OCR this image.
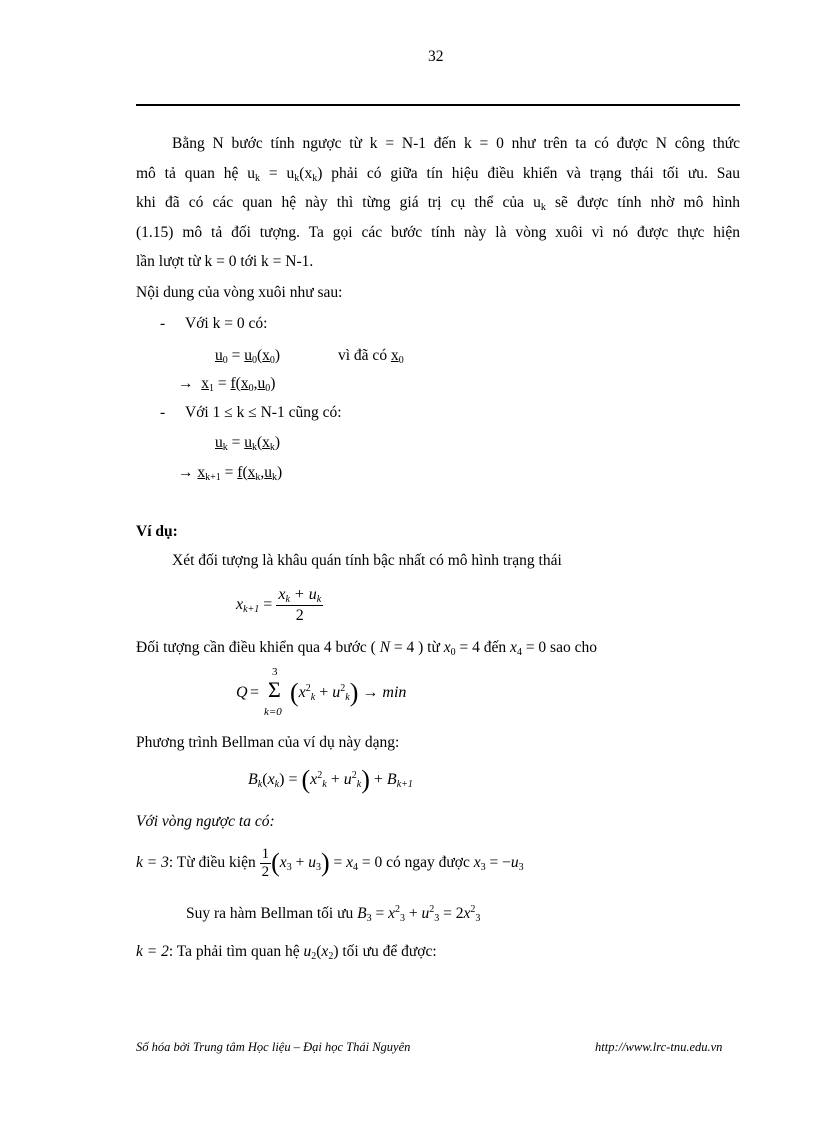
32
Bằng N bước tính ngược từ k = N-1 đến k = 0 như trên ta có được N công thức
mô tả quan hệ $u_k = u_k(x_k)$ phải có giữa tín hiệu điều khiển và trạng thái tối ưu. Sau
khi đã có các quan hệ này thì từng giá trị cụ thể của $u_k$ sẽ được tính nhờ mô hình
(1.15) mô tả đối tượng. Ta gọi các bước tính này là vòng xuôi vì nó được thực hiện
lần lượt từ k = 0 tới k = N-1.
Nội dung của vòng xuôi như sau:
- Với k = 0 có:
$u_0 = u_0(x_0)$	vì đã có $x_0$
→ $x_1 = f(x_0,u_0)$
- Với 1 ≤ k ≤ N-1 cũng có:
$u_k = u_k(x_k)$
→ $x_{k+1} = f(x_k,u_k)$
Ví dụ:
Xét đối tượng là khâu quán tính bậc nhất có mô hình trạng thái
$x_{k+1} = \frac{x_k + u_k}{2}$
Đối tượng cần điều khiển qua 4 bước ( N = 4 ) từ $x_0 = 4$ đến $x_4 = 0$ sao cho
Q =
3
Σ
k=0
$(x^2_k + u^2_k) \to \min$
Phương trình Bellman của ví dụ này dạng:
$B_k(x_k) = (x^2_k + u^2_k) + B_{k+1}$
Với vòng ngược ta có:
k = 3: Từ điều kiện $\frac{1}{2} (x_3 + u_3) = x_4 = 0$ có ngay được $x_3 = -u_3$
Suy ra hàm Bellman tối ưu $B_3 = x^2_3 + u^2_3 = 2x^2_3$
k = 2: Ta phải tìm quan hệ $u_2(x_2)$ tối ưu để được:
Số hóa bởi Trung tâm Học liệu – Đại học Thái Nguyên	http://www.lrc-tnu.edu.vn
